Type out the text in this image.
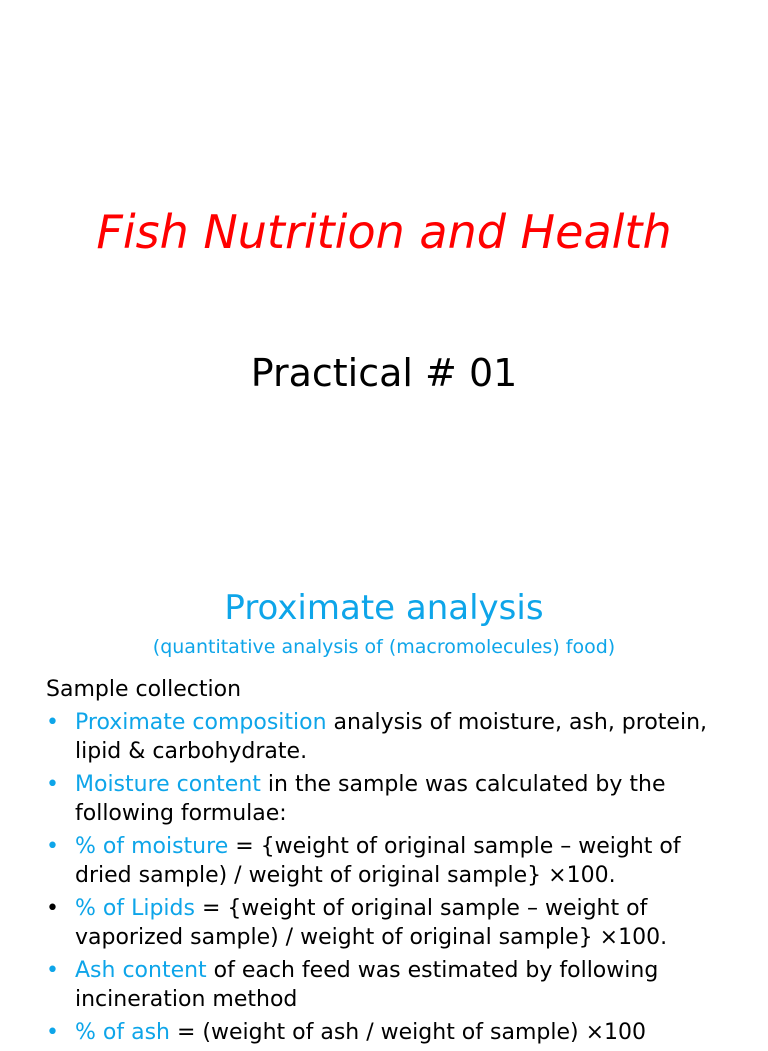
Fish Nutrition and Health
Practical # 01
Proximate analysis
(quantitative analysis of (macromolecules) food)
Sample collection
• Proximate composition analysis of moisture, ash, protein, lipid & carbohydrate.
• Moisture content in the sample was calculated by the following formulae:
• % of moisture = {weight of original sample – weight of dried sample) / weight of original sample} ×100.
• % of Lipids = {weight of original sample – weight of vaporized sample) / weight of original sample} ×100.
• Ash content of each feed was estimated by following incineration method
• % of ash = (weight of ash / weight of sample) ×100
